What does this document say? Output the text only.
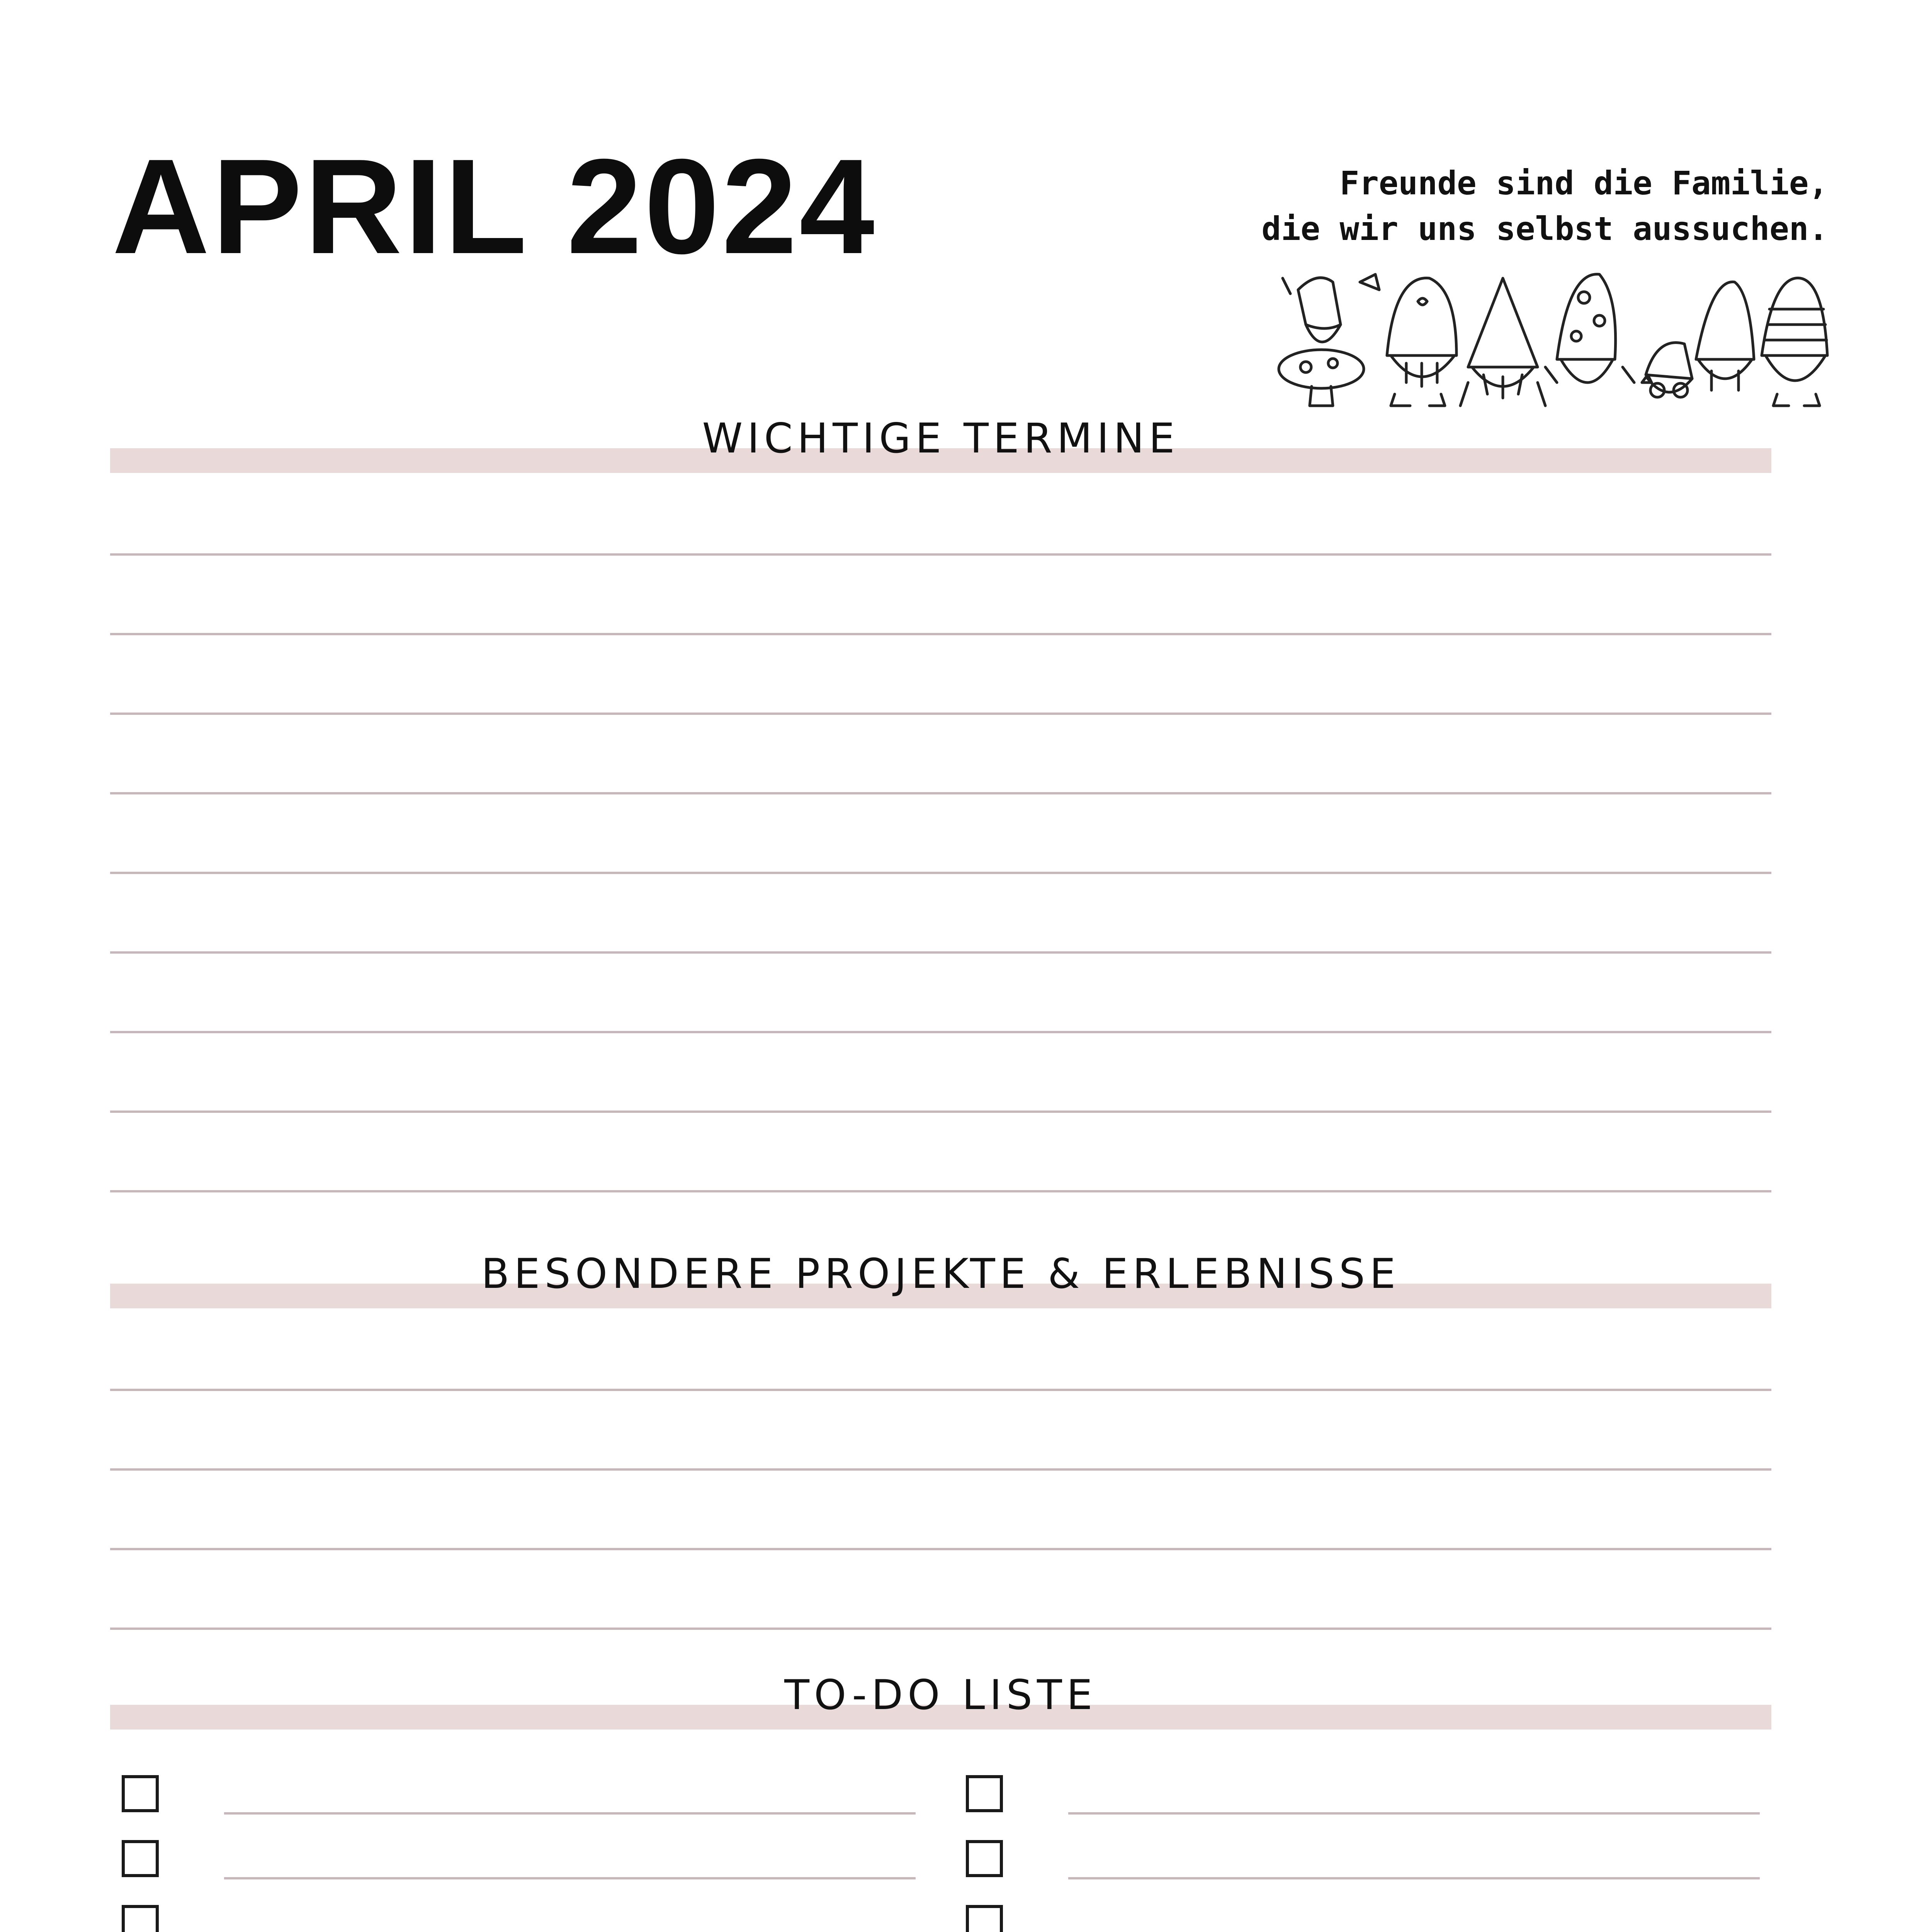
APRIL 2024	Freunde sind die Familie,
die wir uns selbst aussuchen.
WICHTIGE TERMINE
BESONDERE PROJEKTE & ERLEBNISSE
TO-DO LISTE
